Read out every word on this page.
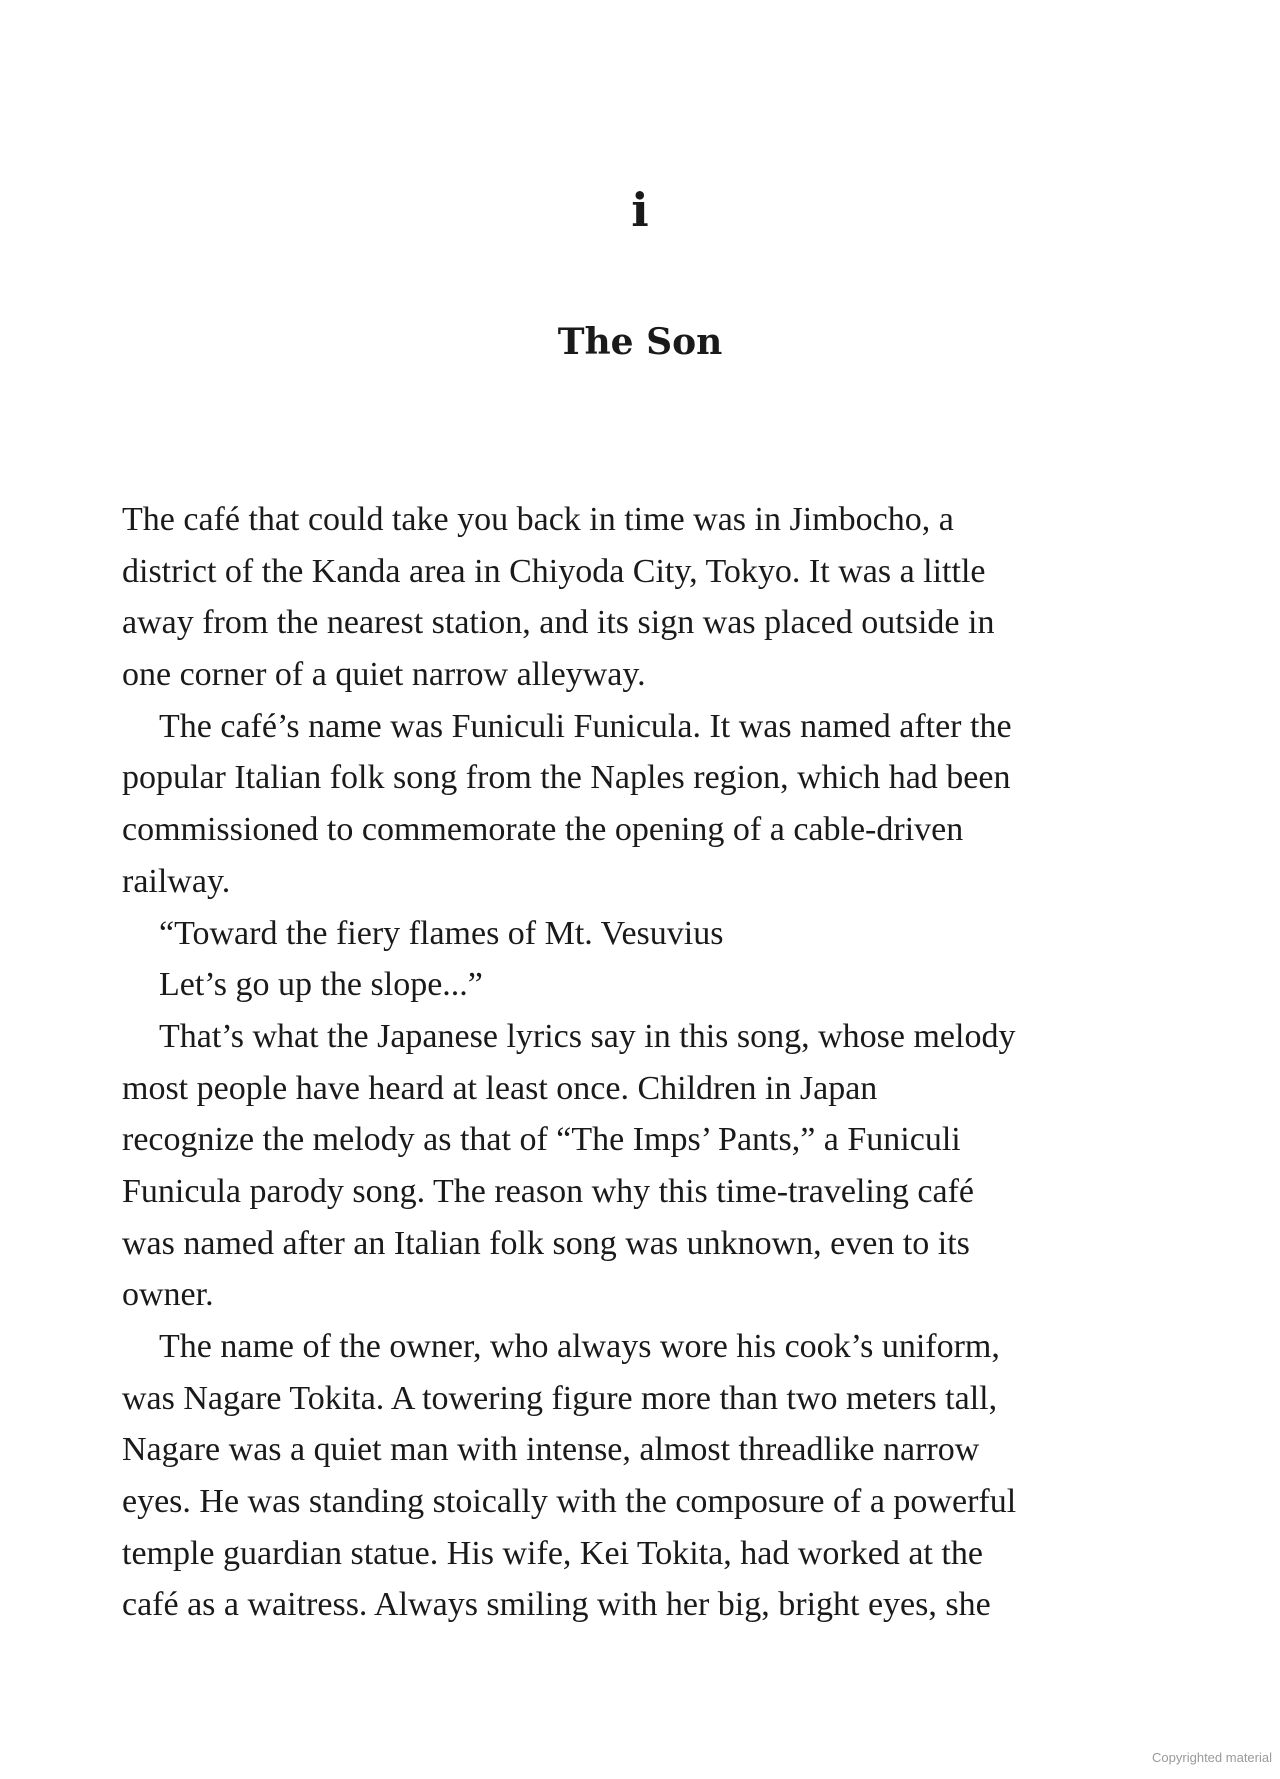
i
The Son
The café that could take you back in time was in Jimbocho, a
district of the Kanda area in Chiyoda City, Tokyo. It was a little
away from the nearest station, and its sign was placed outside in
one corner of a quiet narrow alleyway.
The café’s name was Funiculi Funicula. It was named after the
popular Italian folk song from the Naples region, which had been
commissioned to commemorate the opening of a cable-driven
railway.
“Toward the fiery flames of Mt. Vesuvius
Let’s go up the slope...”
That’s what the Japanese lyrics say in this song, whose melody
most people have heard at least once. Children in Japan
recognize the melody as that of “The Imps’ Pants,” a Funiculi
Funicula parody song. The reason why this time-traveling café
was named after an Italian folk song was unknown, even to its
owner.
The name of the owner, who always wore his cook’s uniform,
was Nagare Tokita. A towering figure more than two meters tall,
Nagare was a quiet man with intense, almost threadlike narrow
eyes. He was standing stoically with the composure of a powerful
temple guardian statue. His wife, Kei Tokita, had worked at the
café as a waitress. Always smiling with her big, bright eyes, she
Copyrighted material
